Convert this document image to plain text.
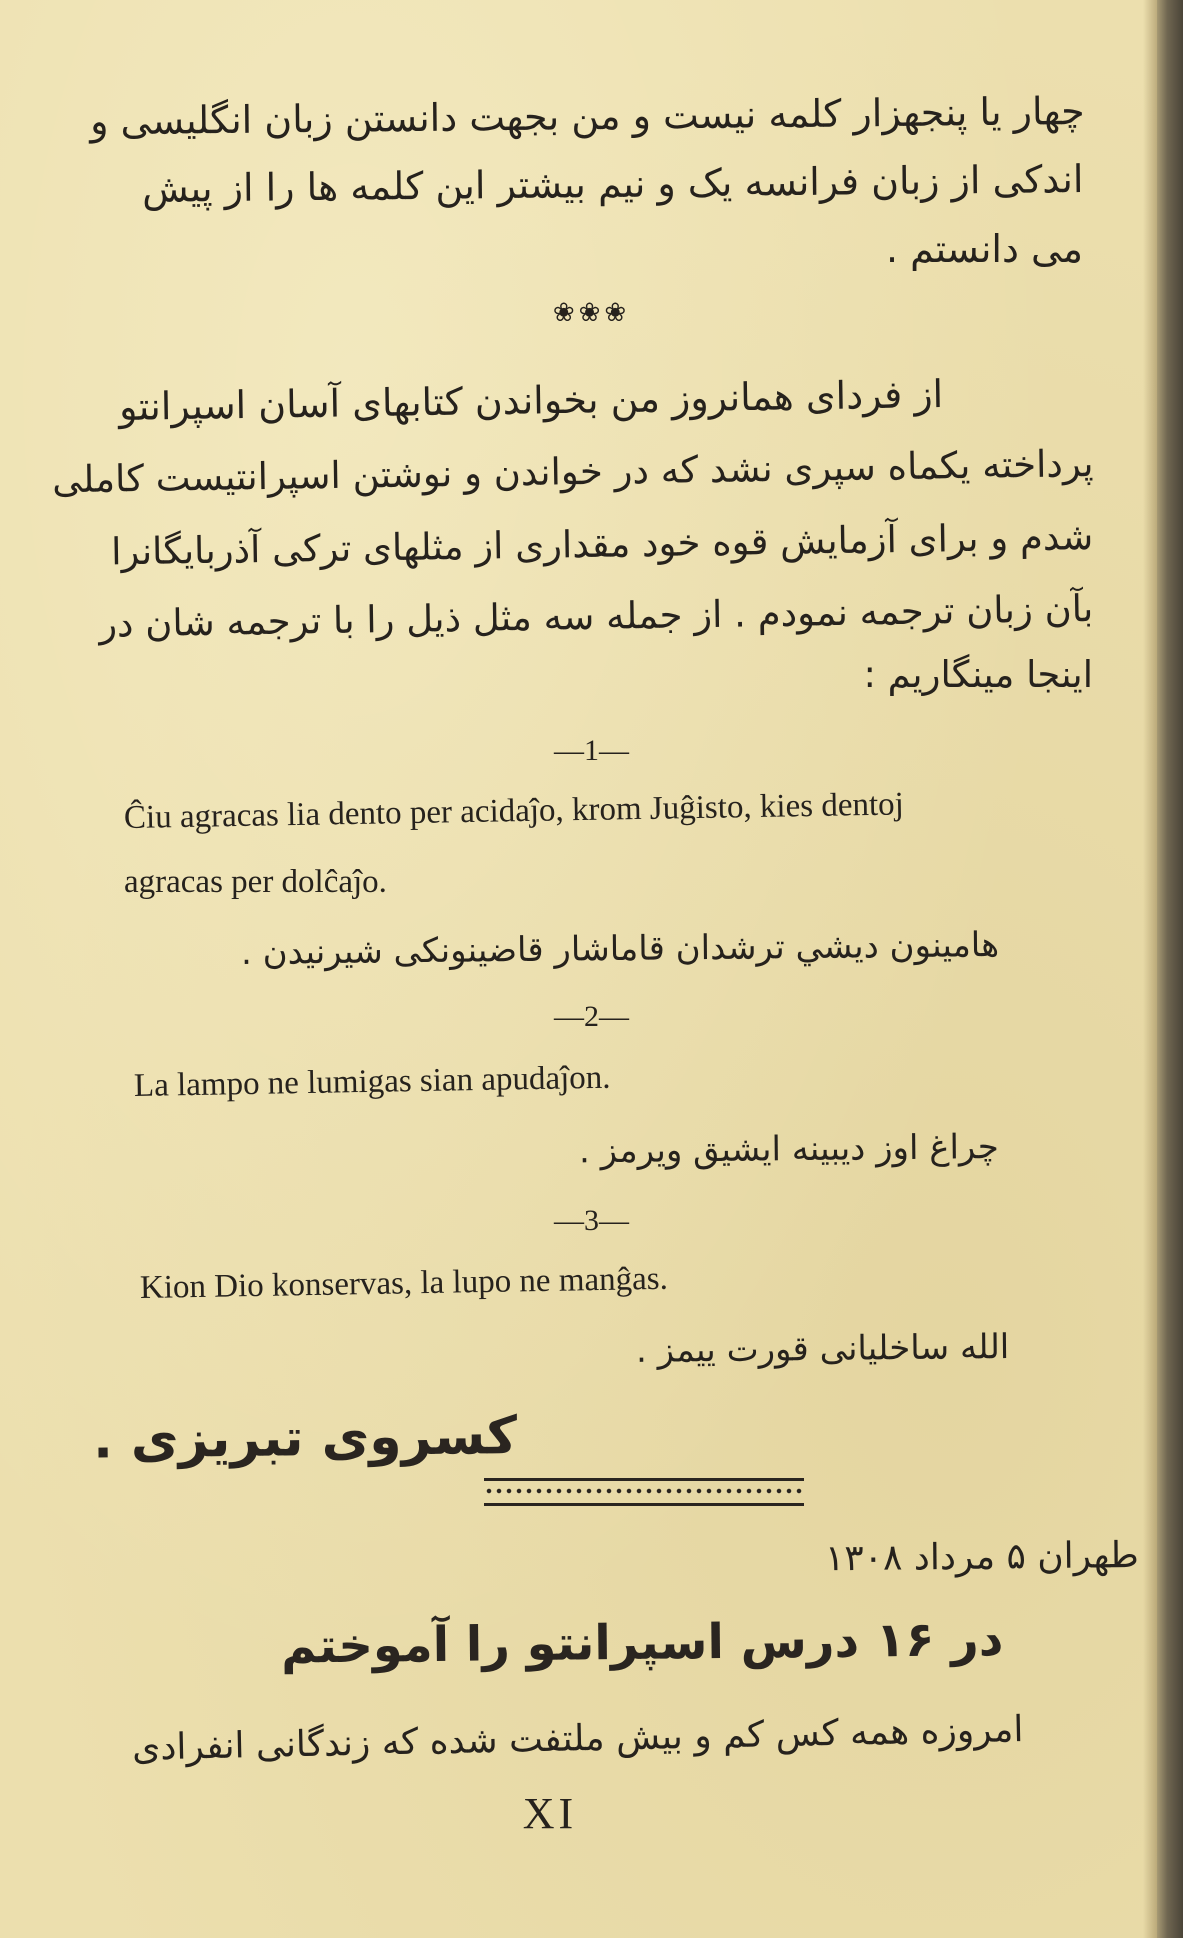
چهار یا پنجهزار کلمه نیست و من بجهت دانستن زبان انگلیسی و

اندکی از زبان فرانسه یک و نیم بیشتر این کلمه ها را از پیش

می دانستم .

❀❀❀

از فردای همانروز من بخواندن کتابهای آسان اسپرانتو

پرداخته یکماه سپری نشد که در خواندن و نوشتن اسپرانتیست کاملی

شدم و برای آزمایش قوه خود مقداری از مثلهای ترکی آذربایگانرا

بآن زبان ترجمه نمودم . از جمله سه مثل ذیل را با ترجمه شان در

اینجا مینگاریم :

—1—

Ĉiu agracas lia dento per acidaĵo, krom Juĝisto, kies dentoj

agracas per dolĉaĵo.

هامینون دیشي ترشدان قاماشار قاضینونکی شیرنیدن .

—2—

La lampo ne lumigas sian apudaĵon.

چراغ اوز دیبینه ایشیق ویرمز .

—3—

Kion Dio konservas, la lupo ne manĝas.

الله ساخلیانی قورت ییمز .

کسروی تبریزی .

طهران ۵ مرداد ۱۳۰۸

در ۱۶ درس اسپرانتو را آموختم

امروزه همه کس کم و بیش ملتفت شده که زندگانی انفرادی

XI
